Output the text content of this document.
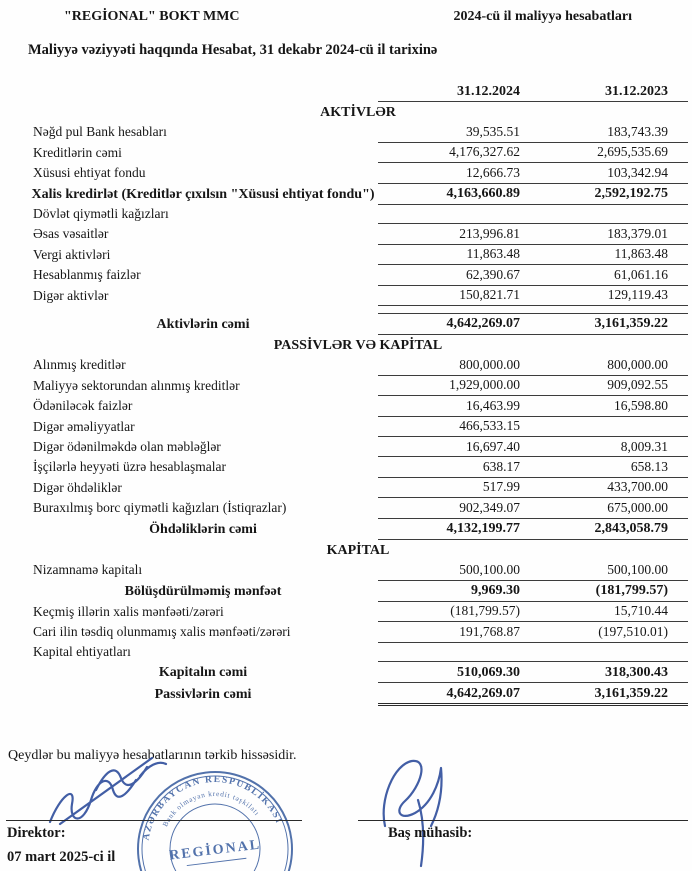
"REGİONAL" BOKT MMC	2024-cü il maliyyə hesabatları
Maliyyə vəziyyəti haqqında Hesabat, 31 dekabr 2024-cü il tarixinə
	31.12.2024	31.12.2023
AKTİVLƏR		
Nəğd pul Bank hesabları	39,535.51	183,743.39
Kreditlərin cəmi	4,176,327.62	2,695,535.69
Xüsusi ehtiyat fondu	12,666.73	103,342.94
Xalis kredirlət (Kreditlər çıxılsın "Xüsusi ehtiyat fondu")	4,163,660.89	2,592,192.75
Dövlət qiymətli kağızları		
Əsas vəsaitlər	213,996.81	183,379.01
Vergi aktivləri	11,863.48	11,863.48
Hesablanmış faizlər	62,390.67	61,061.16
Digər aktivlər	150,821.71	129,119.43

Aktivlərin cəmi	4,642,269.07	3,161,359.22
PASSİVLƏR VƏ KAPİTAL		
Alınmış kreditlər	800,000.00	800,000.00
Maliyyə sektorundan alınmış kreditlər	1,929,000.00	909,092.55
Ödəniləcək faizlər	16,463.99	16,598.80
Digər əməliyyatlar	466,533.15	
Digər ödənilməkdə olan məbləğlər	16,697.40	8,009.31
İşçilərlə heyyəti üzrə hesablaşmalar	638.17	658.13
Digər öhdəliklər	517.99	433,700.00
Buraxılmış borc qiymətli kağızları (İstiqrazlar)	902,349.07	675,000.00
Öhdəliklərin cəmi	4,132,199.77	2,843,058.79
KAPİTAL		
Nizamnamə kapitalı	500,100.00	500,100.00
Bölüşdürülməmiş mənfəət	9,969.30	(181,799.57)
Keçmiş illərin xalis mənfəəti/zərəri	(181,799.57)	15,710.44
Cari ilin təsdiq olunmamış xalis mənfəəti/zərəri	191,768.87	(197,510.01)
Kapital ehtiyatları		
Kapitalın cəmi	510,069.30	318,300.43
Passivlərin cəmi	4,642,269.07	3,161,359.22
Qeydlər bu maliyyə hesabatlarının tərkib hissəsidir.
AZƏRBAYCAN RESPUBLİKASI
Bank olmayan kredit təşkilatı
REGİONAL
Direktor:
07 mart 2025-ci il
Baş mühasib:
